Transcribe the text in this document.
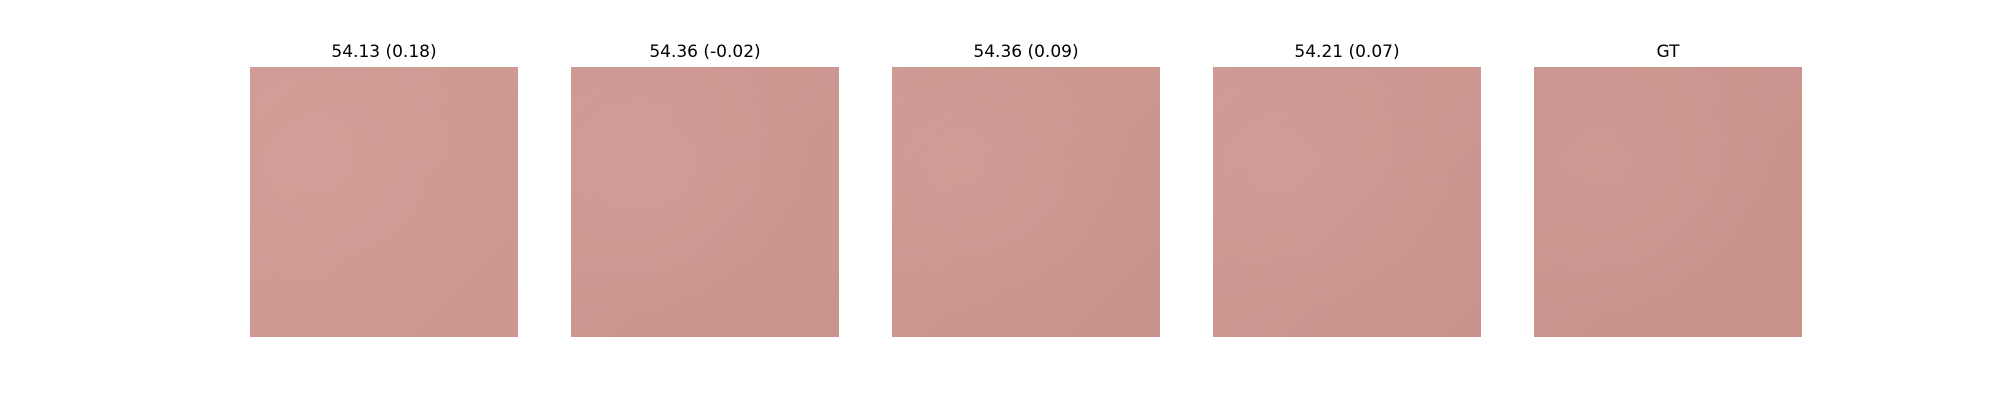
54.13 (0.18)	54.36 (-0.02)	54.36 (0.09)	54.21 (0.07)	GT
